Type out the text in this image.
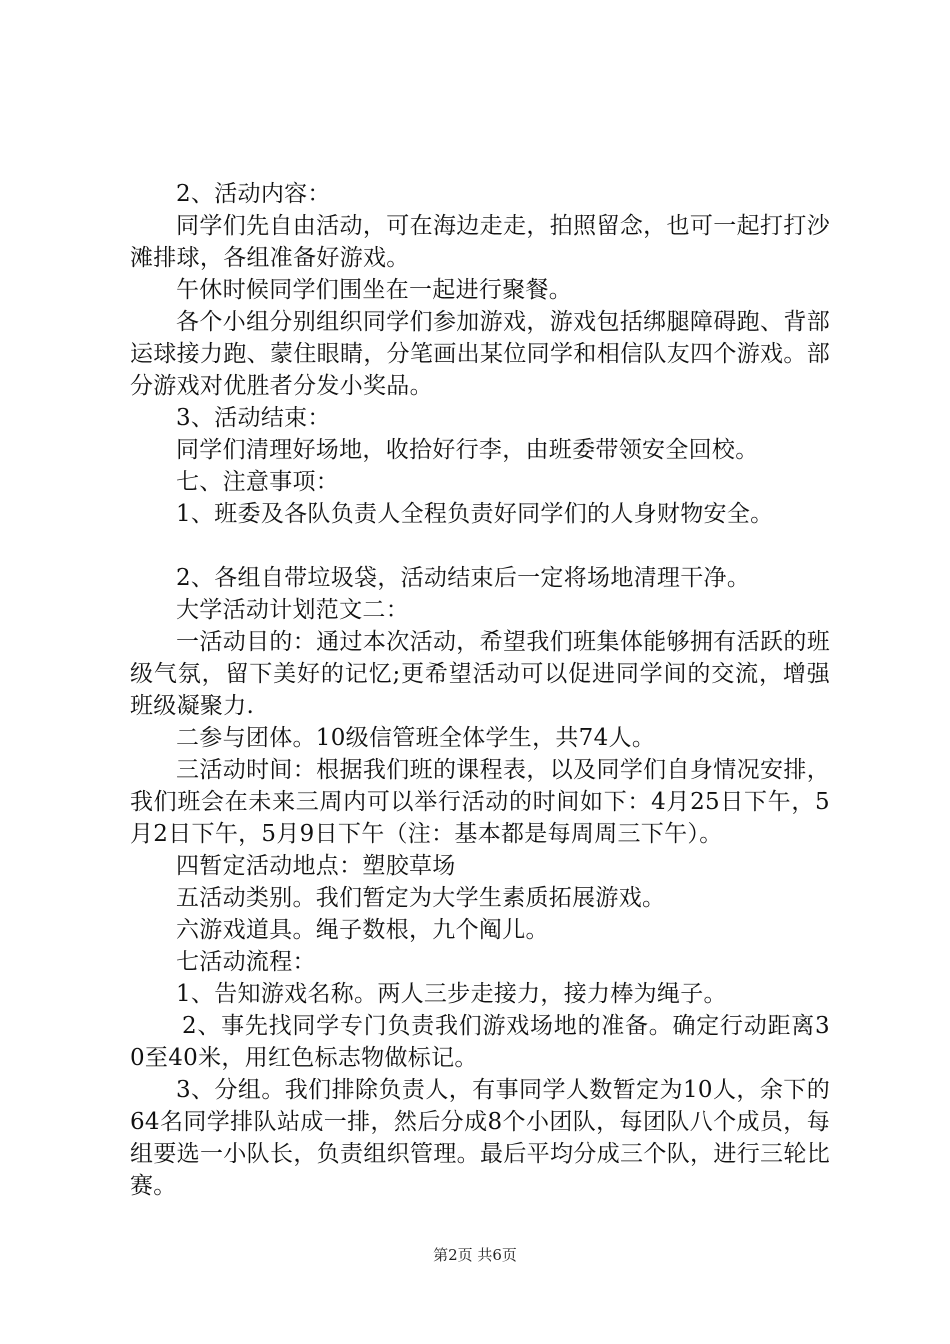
2、活动内容：

同学们先自由活动，可在海边走走，拍照留念，也可一起打打沙滩排球，各组准备好游戏。

午休时候同学们围坐在一起进行聚餐。

各个小组分别组织同学们参加游戏，游戏包括绑腿障碍跑、背部运球接力跑、蒙住眼睛，分笔画出某位同学和相信队友四个游戏。部分游戏对优胜者分发小奖品。

3、活动结束：

同学们清理好场地，收拾好行李，由班委带领安全回校。

七、注意事项：

1、班委及各队负责人全程负责好同学们的人身财物安全。

2、各组自带垃圾袋，活动结束后一定将场地清理干净。

大学活动计划范文二：

一活动目的：通过本次活动，希望我们班集体能够拥有活跃的班级气氛，留下美好的记忆;更希望活动可以促进同学间的交流，增强班级凝聚力.

二参与团体。10级信管班全体学生，共74人。

三活动时间：根据我们班的课程表，以及同学们自身情况安排，我们班会在未来三周内可以举行活动的时间如下：4月25日下午，5月2日下午，5月9日下午（注：基本都是每周周三下午）。

四暂定活动地点：塑胶草场

五活动类别。我们暂定为大学生素质拓展游戏。

六游戏道具。绳子数根，九个阄儿。

七活动流程：

1、告知游戏名称。两人三步走接力，接力棒为绳子。

2、事先找同学专门负责我们游戏场地的准备。确定行动距离30至40米，用红色标志物做标记。

3、分组。我们排除负责人，有事同学人数暂定为10人，余下的64名同学排队站成一排，然后分成8个小团队，每团队八个成员，每组要选一小队长，负责组织管理。最后平均分成三个队，进行三轮比赛。

第2页 共6页
